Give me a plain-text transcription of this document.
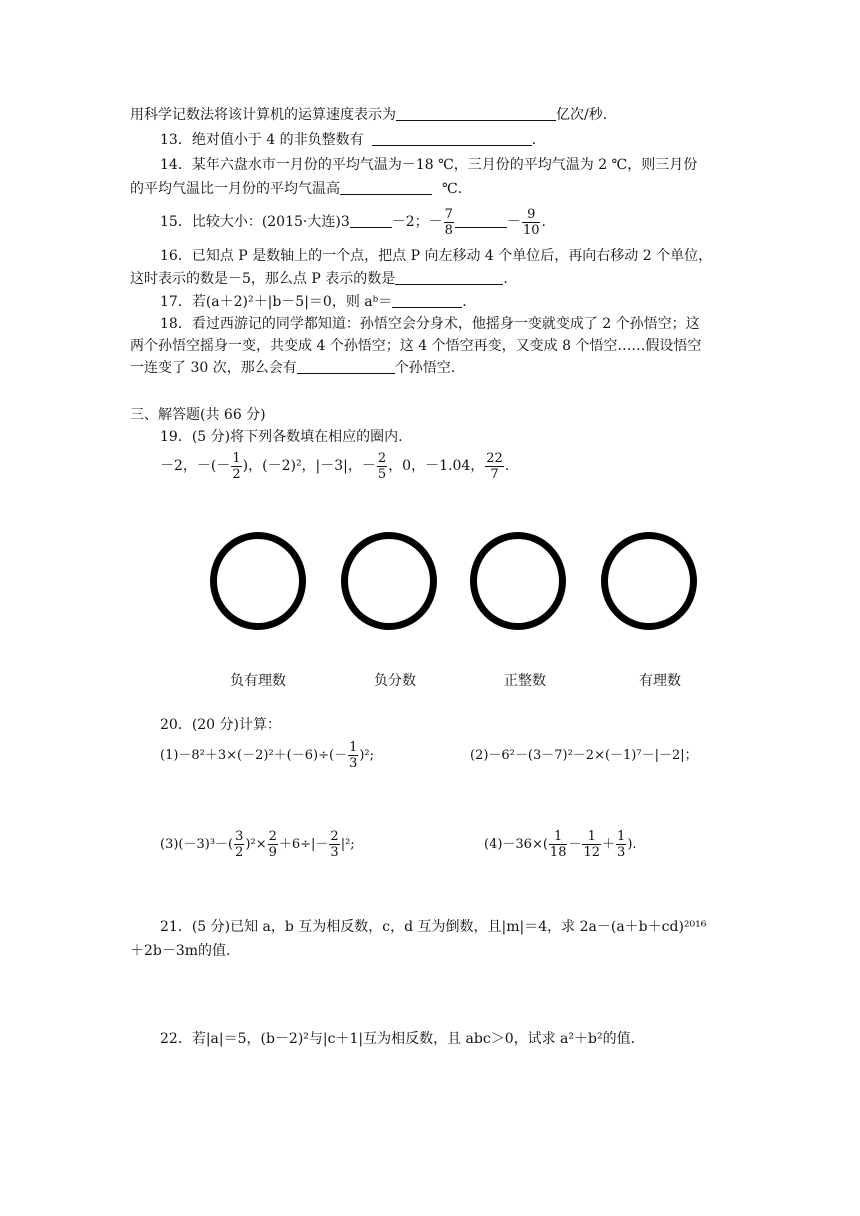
用科学记数法将该计算机的运算速度表示为	亿次/秒.
13．绝对值小于 4 的非负整数有	.
14．某年六盘水市一月份的平均气温为－18 ℃，三月份的平均气温为 2 ℃，则三月份
的平均气温比一月份的平均气温高	℃.
15．比较大小：(2015·大连)3	－2；－ $\frac{7}{8}$	－ $\frac{9}{10}$ .
16．已知点 P 是数轴上的一个点，把点 P 向左移动 4 个单位后，再向右移动 2 个单位，
这时表示的数是－5，那么点 P 表示的数是	.
17．若(a＋2)²＋|b－5|＝0，则 aᵇ＝	.
18．看过西游记的同学都知道：孙悟空会分身术，他摇身一变就变成了 2 个孙悟空；这
两个孙悟空摇身一变，共变成 4 个孙悟空；这 4 个悟空再变，又变成 8 个悟空……假设悟空
一连变了 30 次，那么会有	个孙悟空.
三、解答题(共 66 分)
19．(5 分)将下列各数填在相应的圈内.
－2，－(－ $\frac{1}{2}$ )，(－2)²，|－3|，－ $\frac{2}{5}$ ，0，－1.04， $\frac{22}{7}$ .
负有理数	负分数	正整数	有理数
20．(20 分)计算：
$(1)-8^2+3\times(-2)^2+(-6)\div(- \frac{1}{3} )^2$;	(2)－6²－(3－7)²－2×(－1)⁷－|－2|；
$(3)(-3)^3-( \frac{3}{2} )^2\times \frac{2}{9} +6\div|- \frac{2}{3} |^2$;	$(4)-36\times( \frac{1}{18} - \frac{1}{12} + \frac{1}{3}$ ).
21．(5 分)已知 a，b 互为相反数，c，d 互为倒数，且|m|＝4，求 2a－(a＋b＋cd)²⁰¹⁶
＋2b－3m的值.
22．若|a|＝5，(b－2)²与|c＋1|互为相反数，且 abc＞0，试求 a²＋b²的值.
